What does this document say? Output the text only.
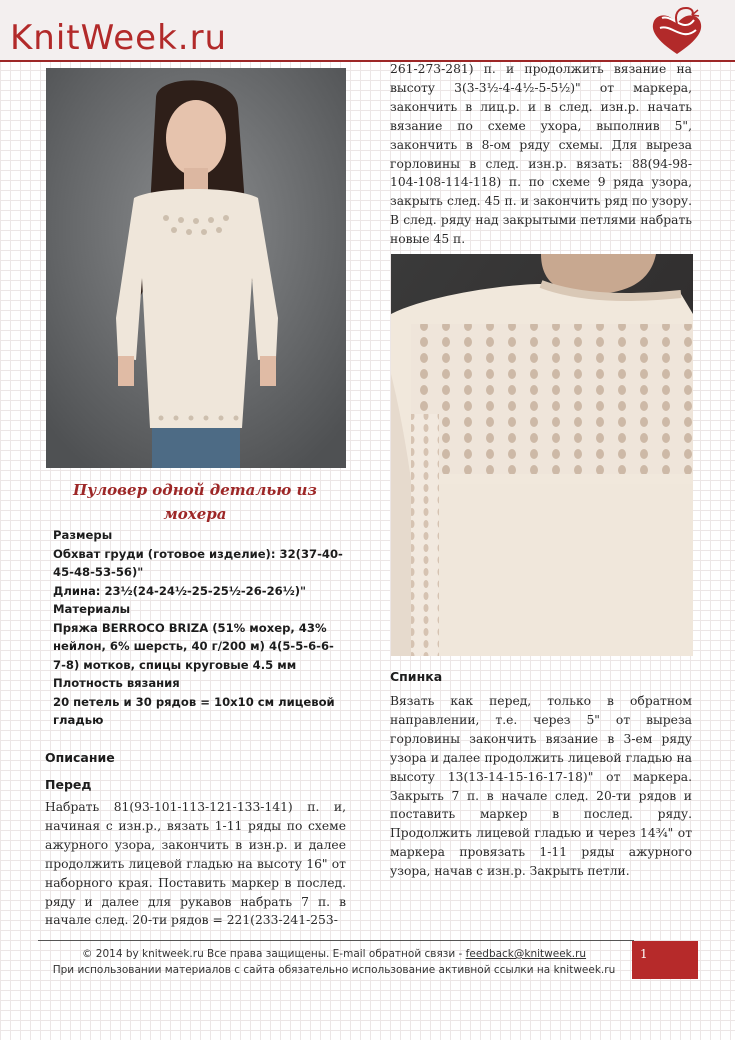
KnitWeek.ru
Пуловер одной деталью из
мохера
Размеры
Обхват груди (готовое изделие): 32(37-40-
45-48-53-56)"
Длина: 23½(24-24½-25-25½-26-26½)"
Материалы
Пряжа BERROCO BRIZA (51% мохер, 43%
нейлон, 6% шерсть, 40 г/200 м) 4(5-5-6-6-
7-8) мотков, спицы круговые 4.5 мм
Плотность вязания
20 петель и 30 рядов = 10х10 см лицевой
гладью
Описание
Перед
Набрать 81(93-101-113-121-133-141) п. и, начиная с изн.р., вязать 1-11 ряды по схеме ажурного узора, закончить в изн.р. и далее продолжить лицевой гладью на высоту 16" от наборного края. Поставить маркер в послед. ряду и далее для рукавов набрать 7 п. в начале след. 20-ти рядов = 221(233-241-253-
261-273-281) п. и продолжить вязание на высоту 3(3-3½-4-4½-5-5½)" от маркера, закончить в лиц.р. и в след. изн.р. начать вязание по схеме ухора, выполнив 5", закончить в 8-ом ряду схемы. Для выреза горловины в след. изн.р. вязать: 88(94-98-104-108-114-118) п. по схеме 9 ряда узора, закрыть след. 45 п. и закончить ряд по узору. В след. ряду над закрытыми петлями набрать новые 45 п.
Спинка
Вязать как перед, только в обратном направлении, т.е. через 5" от выреза горловины закончить вязание в 3-ем ряду узора и далее продолжить лицевой гладью на высоту 13(13-14-15-16-17-18)" от маркера. Закрыть 7 п. в начале след. 20-ти рядов и поставить маркер в послед. ряду. Продолжить лицевой гладью и через 14¾" от маркера провязать 1-11 ряды ажурного узора, начав с изн.р. Закрыть петли.
© 2014 by knitweek.ru Все права защищены. E-mail обратной связи - feedback@knitweek.ru
При использовании материалов с сайта обязательно использование активной ссылки на knitweek.ru
1
